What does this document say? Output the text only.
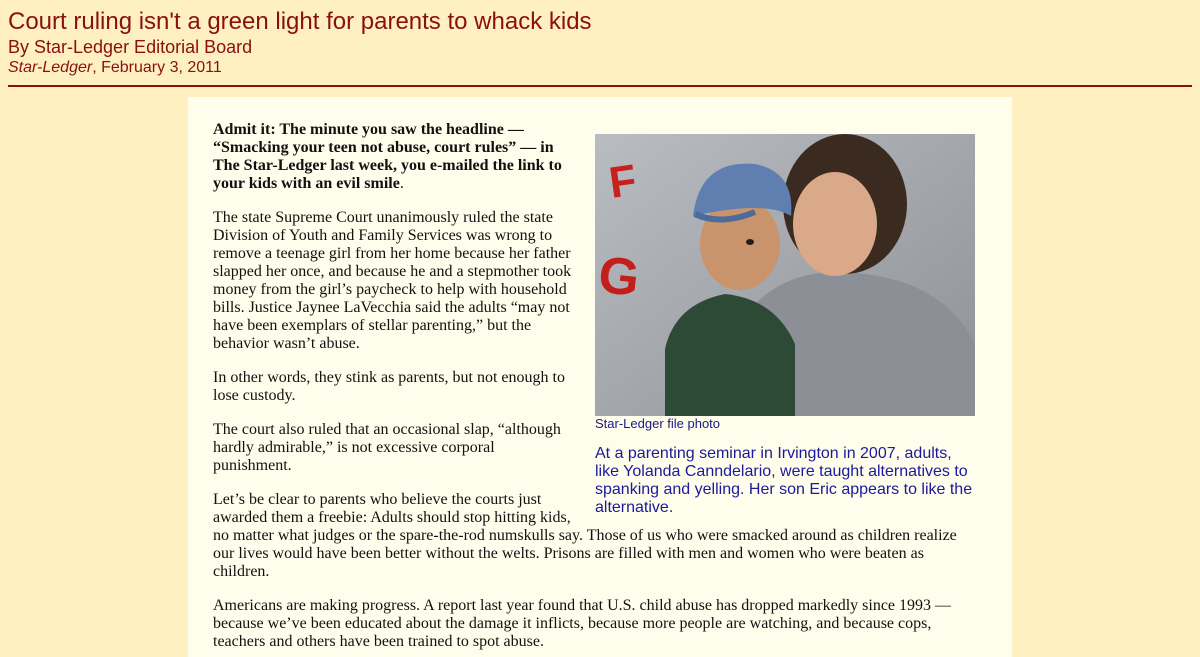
Court ruling isn't a green light for parents to whack kids
By Star-Ledger Editorial Board
Star-Ledger, February 3, 2011
F
G
Star-Ledger file photo
At a parenting seminar in Irvington in 2007, adults, like Yolanda Canndelario, were taught alternatives to spanking and yelling. Her son Eric appears to like the alternative.

Admit it: The minute you saw the headline — “Smacking your teen not abuse, court rules” — in The Star-Ledger last week, you e-mailed the link to your kids with an evil smile.

The state Supreme Court unanimously ruled the state Division of Youth and Family Services was wrong to remove a teenage girl from her home because her father slapped her once, and because he and a stepmother took money from the girl’s paycheck to help with household bills. Justice Jaynee LaVecchia said the adults “may not have been exemplars of stellar parenting,” but the behavior wasn’t abuse.

In other words, they stink as parents, but not enough to lose custody.

The court also ruled that an occasional slap, “although hardly admirable,” is not excessive corporal punishment.

Let’s be clear to parents who believe the courts just awarded them a freebie: Adults should stop hitting kids, no matter what judges or the spare-the-rod numskulls say. Those of us who were smacked around as children realize our lives would have been better without the welts. Prisons are filled with men and women who were beaten as children.

Americans are making progress. A report last year found that U.S. child abuse has dropped markedly since 1993 — because we’ve been educated about the damage it inflicts, because more people are watching, and because cops, teachers and others have been trained to spot abuse.
